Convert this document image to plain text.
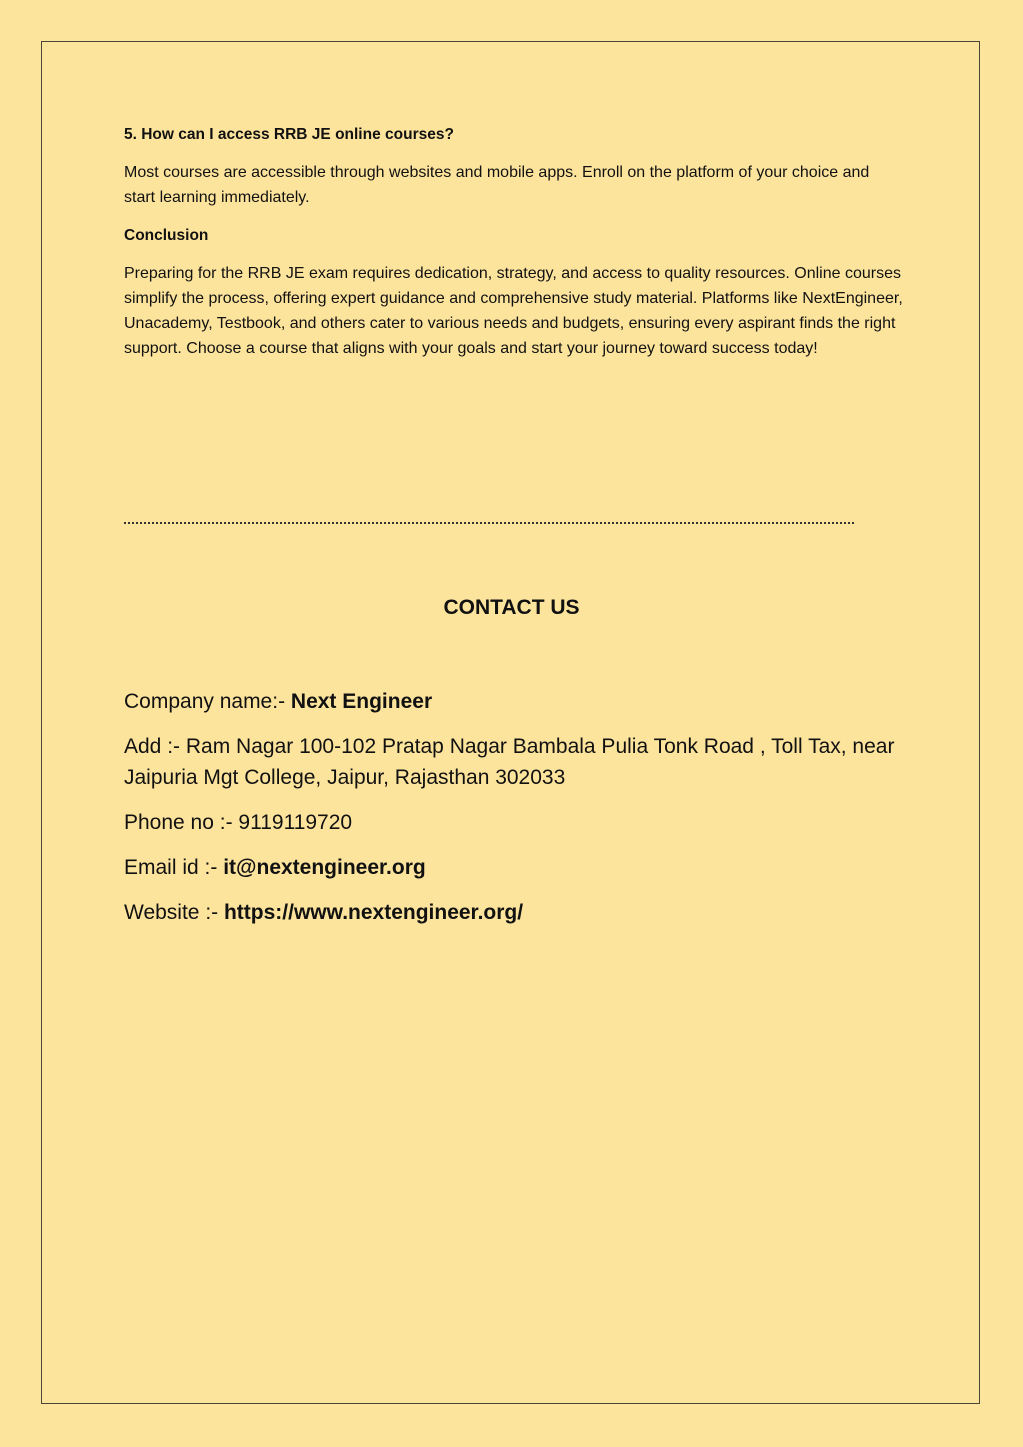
5. How can I access RRB JE online courses?

Most courses are accessible through websites and mobile apps. Enroll on the platform of your choice and start learning immediately.

Conclusion

Preparing for the RRB JE exam requires dedication, strategy, and access to quality resources. Online courses simplify the process, offering expert guidance and comprehensive study material. Platforms like NextEngineer, Unacademy, Testbook, and others cater to various needs and budgets, ensuring every aspirant finds the right support. Choose a course that aligns with your goals and start your journey toward success today!

CONTACT US

Company name:- Next Engineer

Add :- Ram Nagar 100-102 Pratap Nagar Bambala Pulia Tonk Road , Toll Tax, near Jaipuria Mgt College, Jaipur, Rajasthan 302033

Phone no :- 9119119720

Email id :- it@nextengineer.org

Website :- https://www.nextengineer.org/
